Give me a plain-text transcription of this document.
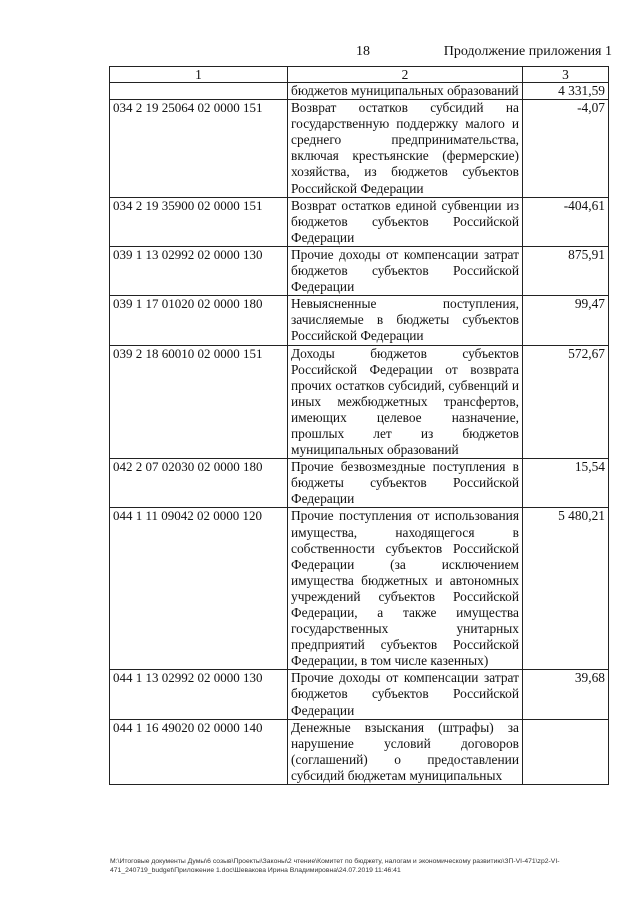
18	Продолжение приложения 1
1	2	3
	бюджетов муниципальных образований	4 331,59
034 2 19 25064 02 0000 151	Возврат остатков субсидий на государственную поддержку малого и среднего предпринимательства, включая крестьянские (фермерские) хозяйства, из бюджетов субъектов Российской Федерации	-4,07
034 2 19 35900 02 0000 151	Возврат остатков единой субвенции из бюджетов субъектов Российской Федерации	-404,61
039 1 13 02992 02 0000 130	Прочие доходы от компенсации затрат бюджетов субъектов Российской Федерации	875,91
039 1 17 01020 02 0000 180	Невыясненные поступления, зачисляемые в бюджеты субъектов Российской Федерации	99,47
039 2 18 60010 02 0000 151	Доходы бюджетов субъектов Российской Федерации от возврата прочих остатков субсидий, субвенций и иных межбюджетных трансфертов, имеющих целевое назначение, прошлых лет из бюджетов муниципальных образований	572,67
042 2 07 02030 02 0000 180	Прочие безвозмездные поступления в бюджеты субъектов Российской Федерации	15,54
044 1 11 09042 02 0000 120	Прочие поступления от использования имущества, находящегося в собственности субъектов Российской Федерации (за исключением имущества бюджетных и автономных учреждений субъектов Российской Федерации, а также имущества государственных унитарных предприятий субъектов Российской Федерации, в том числе казенных)	5 480,21
044 1 13 02992 02 0000 130	Прочие доходы от компенсации затрат бюджетов субъектов Российской Федерации	39,68
044 1 16 49020 02 0000 140	Денежные взыскания (штрафы) за нарушение условий договоров (соглашений) о предоставлении субсидий бюджетам муниципальных	
M:\Итоговые документы Думы\6 созыв\Проекты\Законы\2 чтение\Комитет по бюджету, налогам и экономическому развитию\ЗП-VI-471\zp2-VI-471_240719_budget\Приложение 1.doc\Шевакова Ирина Владимировна\24.07.2019 11:46:41
